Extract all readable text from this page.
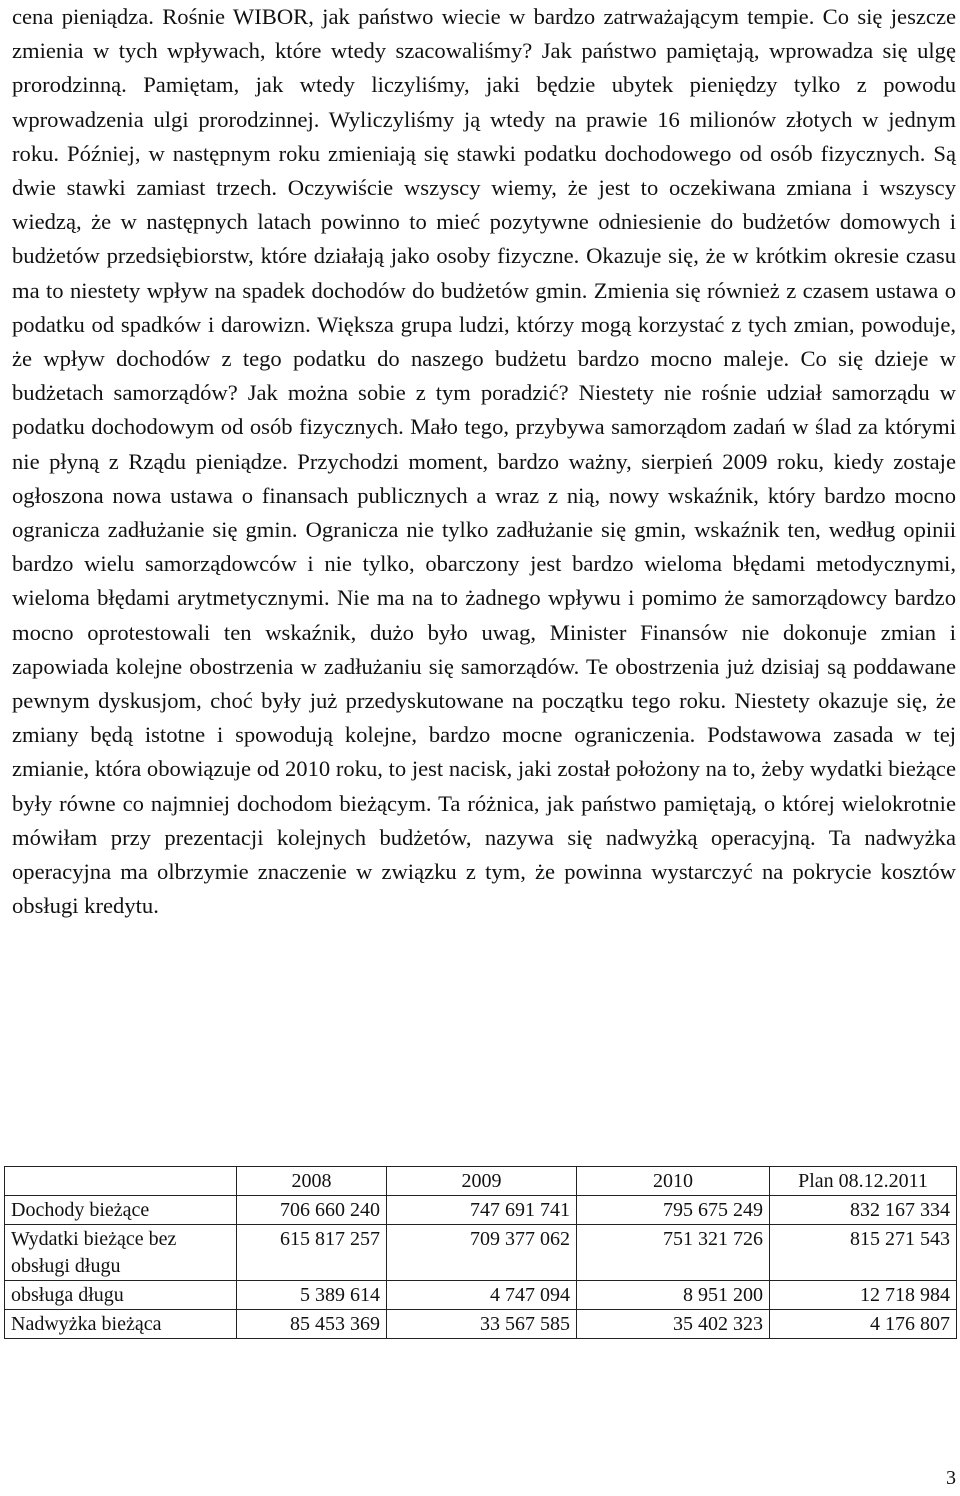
cena pieniądza. Rośnie WIBOR, jak państwo wiecie w bardzo zatrważającym tempie. Co się jeszcze zmienia w tych wpływach, które wtedy szacowaliśmy? Jak państwo pamiętają, wprowadza się ulgę prorodzinną. Pamiętam, jak wtedy liczyliśmy, jaki będzie ubytek pieniędzy tylko z powodu wprowadzenia ulgi prorodzinnej. Wyliczyliśmy ją wtedy na prawie 16 milionów złotych w jednym roku. Później, w następnym roku zmieniają się stawki podatku dochodowego od osób fizycznych. Są dwie stawki zamiast trzech. Oczywiście wszyscy wiemy, że jest to oczekiwana zmiana i wszyscy wiedzą, że w następnych latach powinno to mieć pozytywne odniesienie do budżetów domowych i budżetów przedsiębiorstw, które działają jako osoby fizyczne. Okazuje się, że w krótkim okresie czasu ma to niestety wpływ na spadek dochodów do budżetów gmin. Zmienia się również z czasem ustawa o podatku od spadków i darowizn. Większa grupa ludzi, którzy mogą korzystać z tych zmian, powoduje, że wpływ dochodów z tego podatku do naszego budżetu bardzo mocno maleje. Co się dzieje w budżetach samorządów? Jak można sobie z tym poradzić? Niestety nie rośnie udział samorządu w podatku dochodowym od osób fizycznych. Mało tego, przybywa samorządom zadań w ślad za którymi nie płyną z Rządu pieniądze. Przychodzi moment, bardzo ważny, sierpień 2009 roku, kiedy zostaje ogłoszona nowa ustawa o finansach publicznych a wraz z nią, nowy wskaźnik, który bardzo mocno ogranicza zadłużanie się gmin. Ogranicza nie tylko zadłużanie się gmin, wskaźnik ten, według opinii bardzo wielu samorządowców i nie tylko, obarczony jest bardzo wieloma błędami metodycznymi, wieloma błędami arytmetycznymi. Nie ma na to żadnego wpływu i pomimo że samorządowcy bardzo mocno oprotestowali ten wskaźnik, dużo było uwag, Minister Finansów nie dokonuje zmian i zapowiada kolejne obostrzenia w zadłużaniu się samorządów. Te obostrzenia już dzisiaj są poddawane pewnym dyskusjom, choć były już przedyskutowane na początku tego roku. Niestety okazuje się, że zmiany będą istotne i spowodują kolejne, bardzo mocne ograniczenia. Podstawowa zasada w tej zmianie, która obowiązuje od 2010 roku, to jest nacisk, jaki został położony na to, żeby wydatki bieżące były równe co najmniej dochodom bieżącym. Ta różnica, jak państwo pamiętają, o której wielokrotnie mówiłam przy prezentacji kolejnych budżetów, nazywa się nadwyżką operacyjną. Ta nadwyżka operacyjna ma olbrzymie znaczenie w związku z tym, że powinna wystarczyć na pokrycie kosztów obsługi kredytu.

	2008	2009	2010	Plan 08.12.2011
Dochody bieżące	706 660 240	747 691 741	795 675 249	832 167 334
Wydatki bieżące bez obsługi długu	615 817 257	709 377 062	751 321 726	815 271 543
obsługa długu	5 389 614	4 747 094	8 951 200	12 718 984
Nadwyżka bieżąca	85 453 369	33 567 585	35 402 323	4 176 807
3
